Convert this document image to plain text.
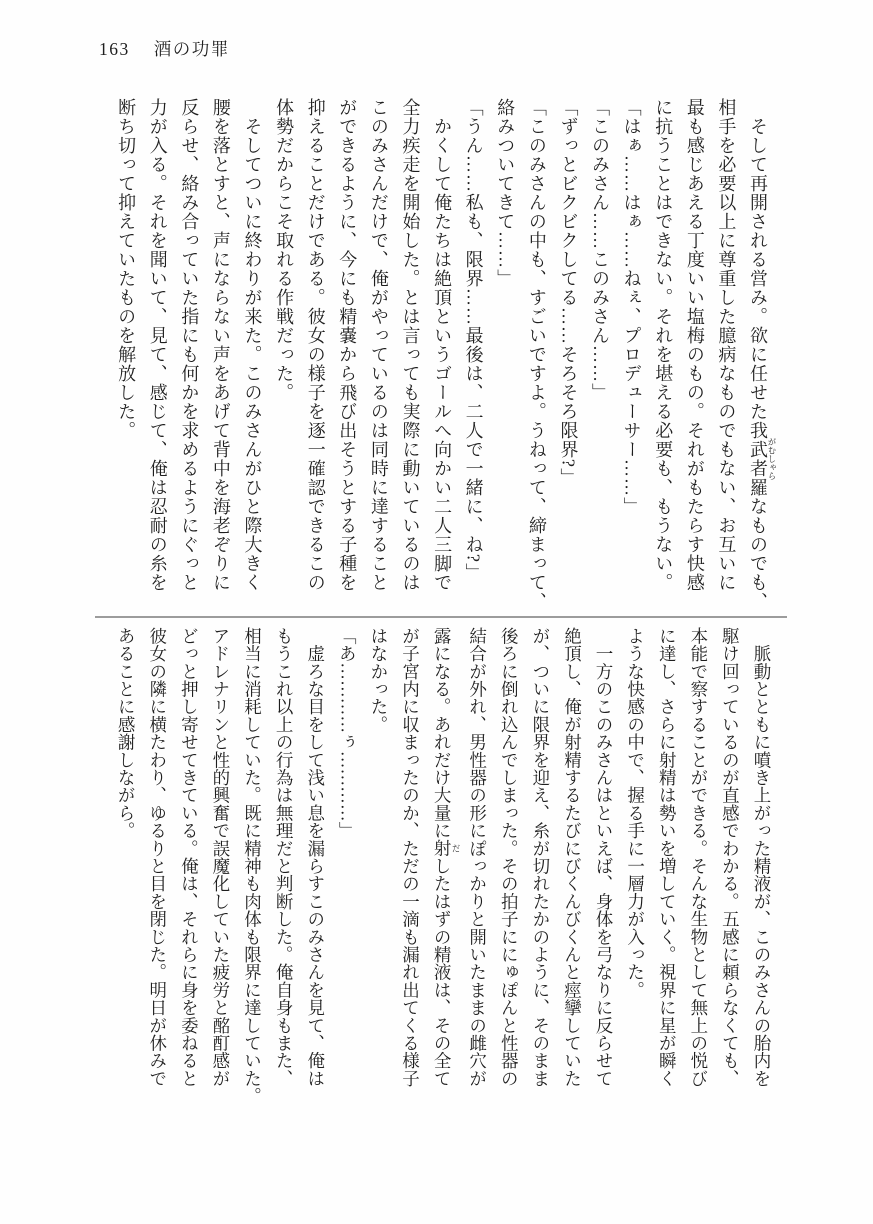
163 酒の功罪

　そして再開される営み。欲に任せた我武者羅 がむしゃらなものでも、

相手を必要以上に尊重した臆病なものでもない、お互いに

最も感じあえる丁度いい塩梅のもの。それがもたらす快感

に抗うことはできない。それを堪える必要も、もうない。

「はぁ……はぁ……ねぇ、プロデューサー……」

「このみさん……このみさん……」

「ずっとビクビクしてる……そろそろ限界?」

「このみさんの中も、すごいですよ。うねって、締まって、

絡みついてきて……」

「うん……私も、限界……最後は、二人で一緒に、ね?」

　かくして俺たちは絶頂というゴールへ向かい二人三脚で

全力疾走を開始した。とは言っても実際に動いているのは

このみさんだけで、俺がやっているのは同時に達すること

ができるように、今にも精嚢から飛び出そうとする子種を

抑えることだけである。彼女の様子を逐一確認できるこの

体勢だからこそ取れる作戦だった。

　そしてついに終わりが来た。このみさんがひと際大きく

腰を落とすと、声にならない声をあげて背中を海老ぞりに

反らせ、絡み合っていた指にも何かを求めるようにぐっと

力が入る。それを聞いて、見て、感じて、俺は忍耐の糸を

断ち切って抑えていたものを解放した。

　脈動とともに噴き上がった精液が、このみさんの胎内を

駆け回っているのが直感でわかる。五感に頼らなくても、

本能で察することができる。そんな生物として無上の悦び

に達し、さらに射精は勢いを増していく。視界に星が瞬く

ような快感の中で、握る手に一層力が入った。

　一方のこのみさんはといえば、身体を弓なりに反らせて

絶頂し、俺が射精するたびにびくんびくんと痙攣していた

が、ついに限界を迎え、糸が切れたかのように、そのまま

後ろに倒れ込んでしまった。その拍子ににゅぽんと性器の

結合が外れ、男性器の形にぽっかりと開いたままの雌穴が

露になる。あれだけ大量に射 だしたはずの精液は、その全て

が子宮内に収まったのか、ただの一滴も漏れ出てくる様子

はなかった。

「あ…………ぅ…………」

　虚ろな目をして浅い息を漏らすこのみさんを見て、俺は

もうこれ以上の行為は無理だと判断した。俺自身もまた、

相当に消耗していた。既に精神も肉体も限界に達していた。

アドレナリンと性的興奮で誤魔化していた疲労と酩酊感が

どっと押し寄せてきている。俺は、それらに身を委ねると

彼女の隣に横たわり、ゆるりと目を閉じた。明日が休みで

あることに感謝しながら。
